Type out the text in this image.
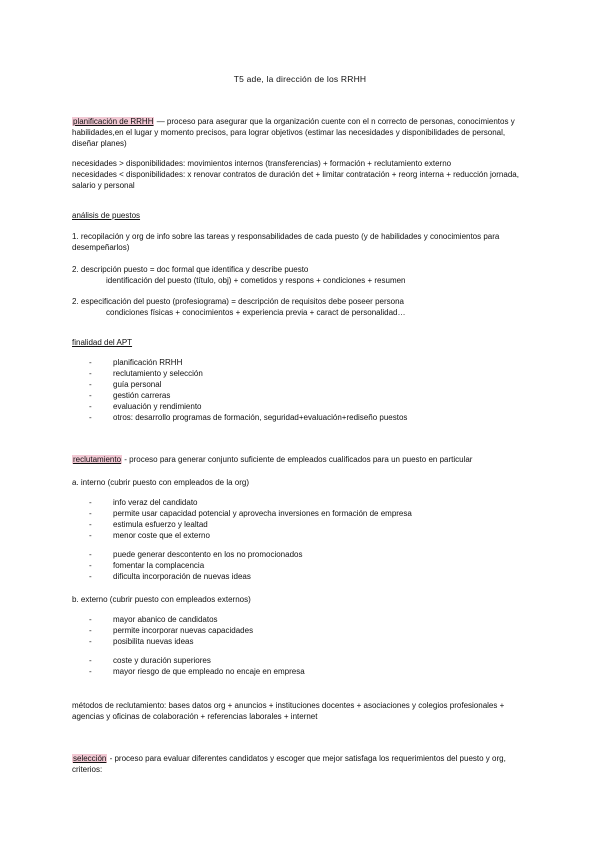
T5 ade, la dirección de los RRHH

planificación de RRHH — proceso para asegurar que la organización cuente con el n correcto de personas, conocimientos y habilidades,en el lugar y momento precisos, para lograr objetivos (estimar las necesidades y disponibilidades de personal, diseñar planes)

necesidades > disponibilidades: movimientos internos (transferencias) + formación + reclutamiento externo

necesidades < disponibilidades: x renovar contratos de duración det + limitar contratación + reorg interna + reducción jornada, salario y personal

análisis de puestos

1. recopilación y org de info sobre las tareas y responsabilidades de cada puesto (y de habilidades y conocimientos para desempeñarlos)

2. descripción puesto = doc formal que identifica y describe puesto

identificación del puesto (título, obj) + cometidos y respons + condiciones + resumen

2. especificación del puesto (profesiograma) = descripción de requisitos debe poseer persona

condiciones físicas + conocimientos + experiencia previa + caract de personalidad…

finalidad del APT
- planificación RRHH
- reclutamiento y selección
- guía personal
- gestión carreras
- evaluación y rendimiento
- otros: desarrollo programas de formación, seguridad+evaluación+rediseño puestos

reclutamiento - proceso para generar conjunto suficiente de empleados cualificados para un puesto en particular

a. interno (cubrir puesto con empleados de la org)

- info veraz del candidato
- permite usar capacidad potencial y aprovecha inversiones en formación de empresa
- estimula esfuerzo y lealtad
- menor coste que el externo
- puede generar descontento en los no promocionados
- fomentar la complacencia
- dificulta incorporación de nuevas ideas

b. externo (cubrir puesto con empleados externos)

- mayor abanico de candidatos
- permite incorporar nuevas capacidades
- posibilita nuevas ideas
- coste y duración superiores
- mayor riesgo de que empleado no encaje en empresa

métodos de reclutamiento: bases datos org + anuncios + instituciones docentes + asociaciones y colegios profesionales + agencias y oficinas de colaboración + referencias laborales + internet

selección - proceso para evaluar diferentes candidatos y escoger que mejor satisfaga los requerimientos del puesto y org, criterios:
